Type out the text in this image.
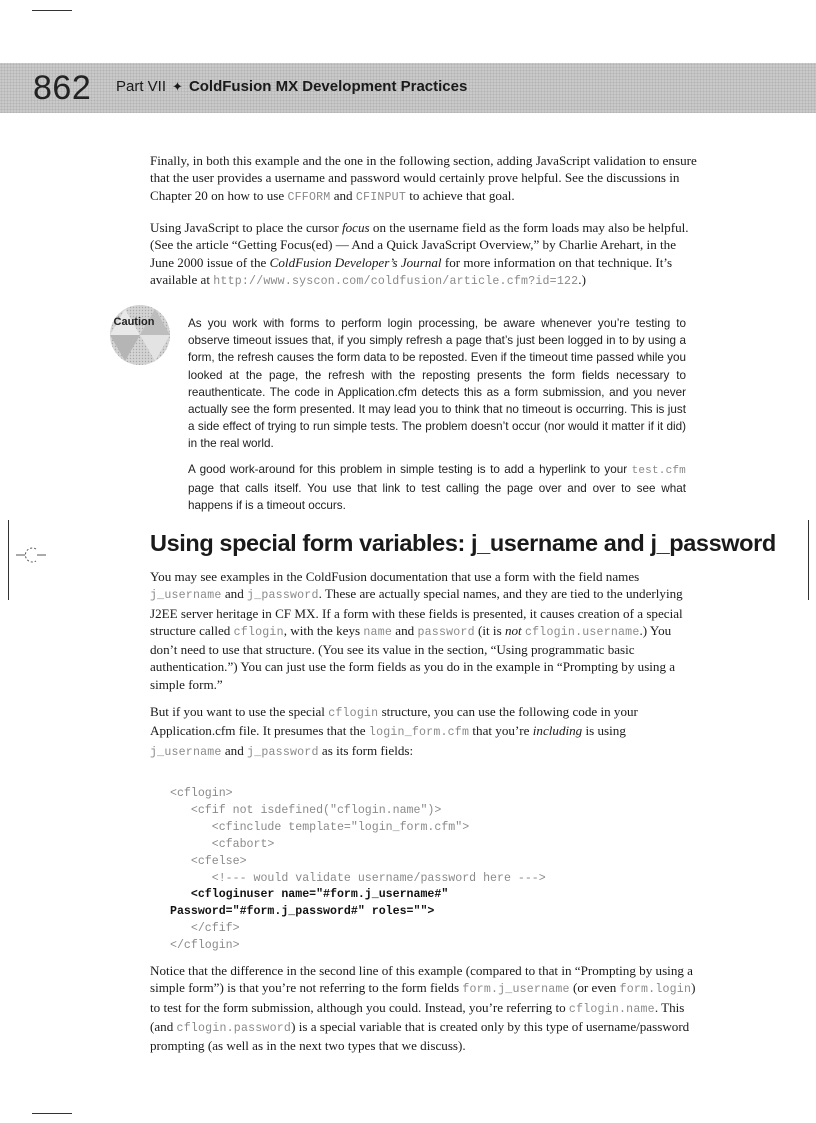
862 Part VII ✦ ColdFusion MX Development Practices

Finally, in both this example and the one in the following section, adding JavaScript validation to ensure that the user provides a username and password would certainly prove helpful. See the discussions in Chapter 20 on how to use CFFORM and CFINPUT to achieve that goal.

Using JavaScript to place the cursor focus on the username field as the form loads may also be helpful. (See the article “Getting Focus(ed) — And a Quick JavaScript Overview,” by Charlie Arehart, in the June 2000 issue of the ColdFusion Developer’s Journal for more information on that technique. It’s available at http://www.syscon.com/coldfusion/article.cfm?id=122.)

Caution	As you work with forms to perform login processing, be aware whenever you’re testing to observe timeout issues that, if you simply refresh a page that’s just been logged in to by using a form, the refresh causes the form data to be reposted. Even if the timeout time passed while you looked at the page, the refresh with the reposting presents the form fields necessary to reauthenticate. The code in Application.cfm detects this as a form submission, and you never actually see the form presented. It may lead you to think that no timeout is occurring. This is just a side effect of trying to run simple tests. The problem doesn’t occur (nor would it matter if it did) in the real world.
A good work-around for this problem in simple testing is to add a hyperlink to your test.cfm page that calls itself. You use that link to test calling the page over and over to see what happens if is a timeout occurs.
Using special form variables: j_username and j_password

You may see examples in the ColdFusion documentation that use a form with the field names j_username and j_password. These are actually special names, and they are tied to the underlying J2EE server heritage in CF MX. If a form with these fields is presented, it causes creation of a special structure called cflogin, with the keys name and password (it is not cflogin.username.) You don’t need to use that structure. (You see its value in the section, “Using programmatic basic authentication.”) You can just use the form fields as you do in the example in “Prompting by using a simple form.”

But if you want to use the special cflogin structure, you can use the following code in your Application.cfm file. It presumes that the login_form.cfm that you’re including is using j_username and j_password as its form fields:

<cflogin>
<cfif not isdefined("cflogin.name")>
<cfinclude template="login_form.cfm">
<cfabort>
<cfelse>
<!--- would validate username/password here --->
<cfloginuser name="#form.j_username#"
Password="#form.j_password#" roles="">
</cfif>
</cflogin>

Notice that the difference in the second line of this example (compared to that in “Prompting by using a simple form”) is that you’re not referring to the form fields form.j_username (or even form.login) to test for the form submission, although you could. Instead, you’re referring to cflogin.name. This (and cflogin.password) is a special variable that is created only by this type of username/password prompting (as well as in the next two types that we discuss).
